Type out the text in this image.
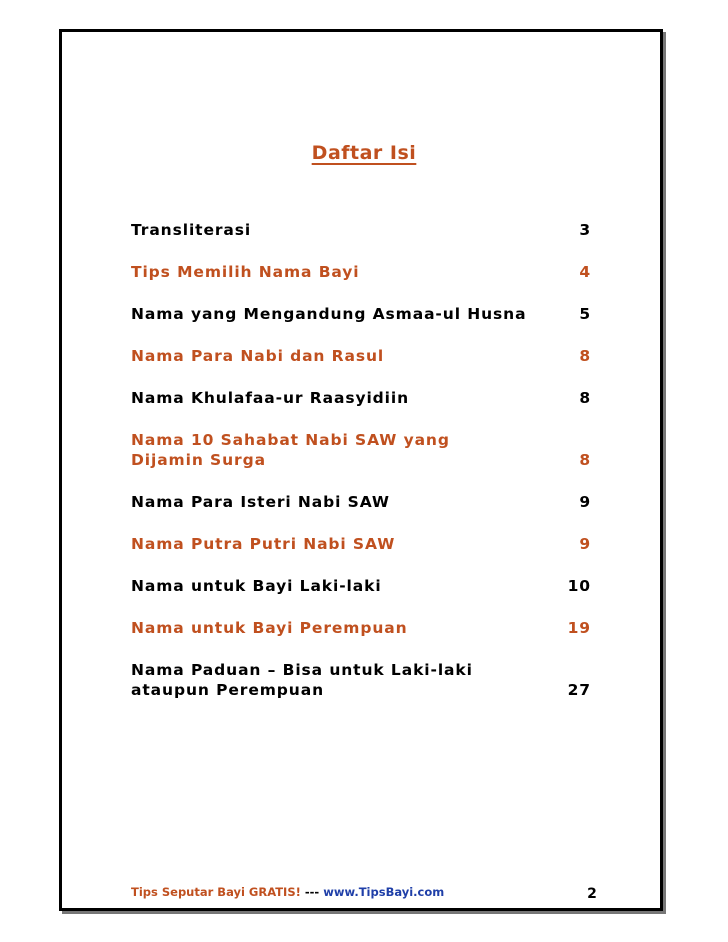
Daftar Isi
Transliterasi	3
Tips Memilih Nama Bayi	4
Nama yang Mengandung Asmaa-ul Husna	5
Nama Para Nabi dan Rasul	8
Nama Khulafaa-ur Raasyidiin	8
Nama 10 Sahabat Nabi SAW yang
Dijamin Surga	8
Nama Para Isteri Nabi SAW	9
Nama Putra Putri Nabi SAW	9
Nama untuk Bayi Laki-laki	10
Nama untuk Bayi Perempuan	19
Nama Paduan – Bisa untuk Laki-laki
ataupun Perempuan	27
Tips Seputar Bayi GRATIS! --- www.TipsBayi.com	2
